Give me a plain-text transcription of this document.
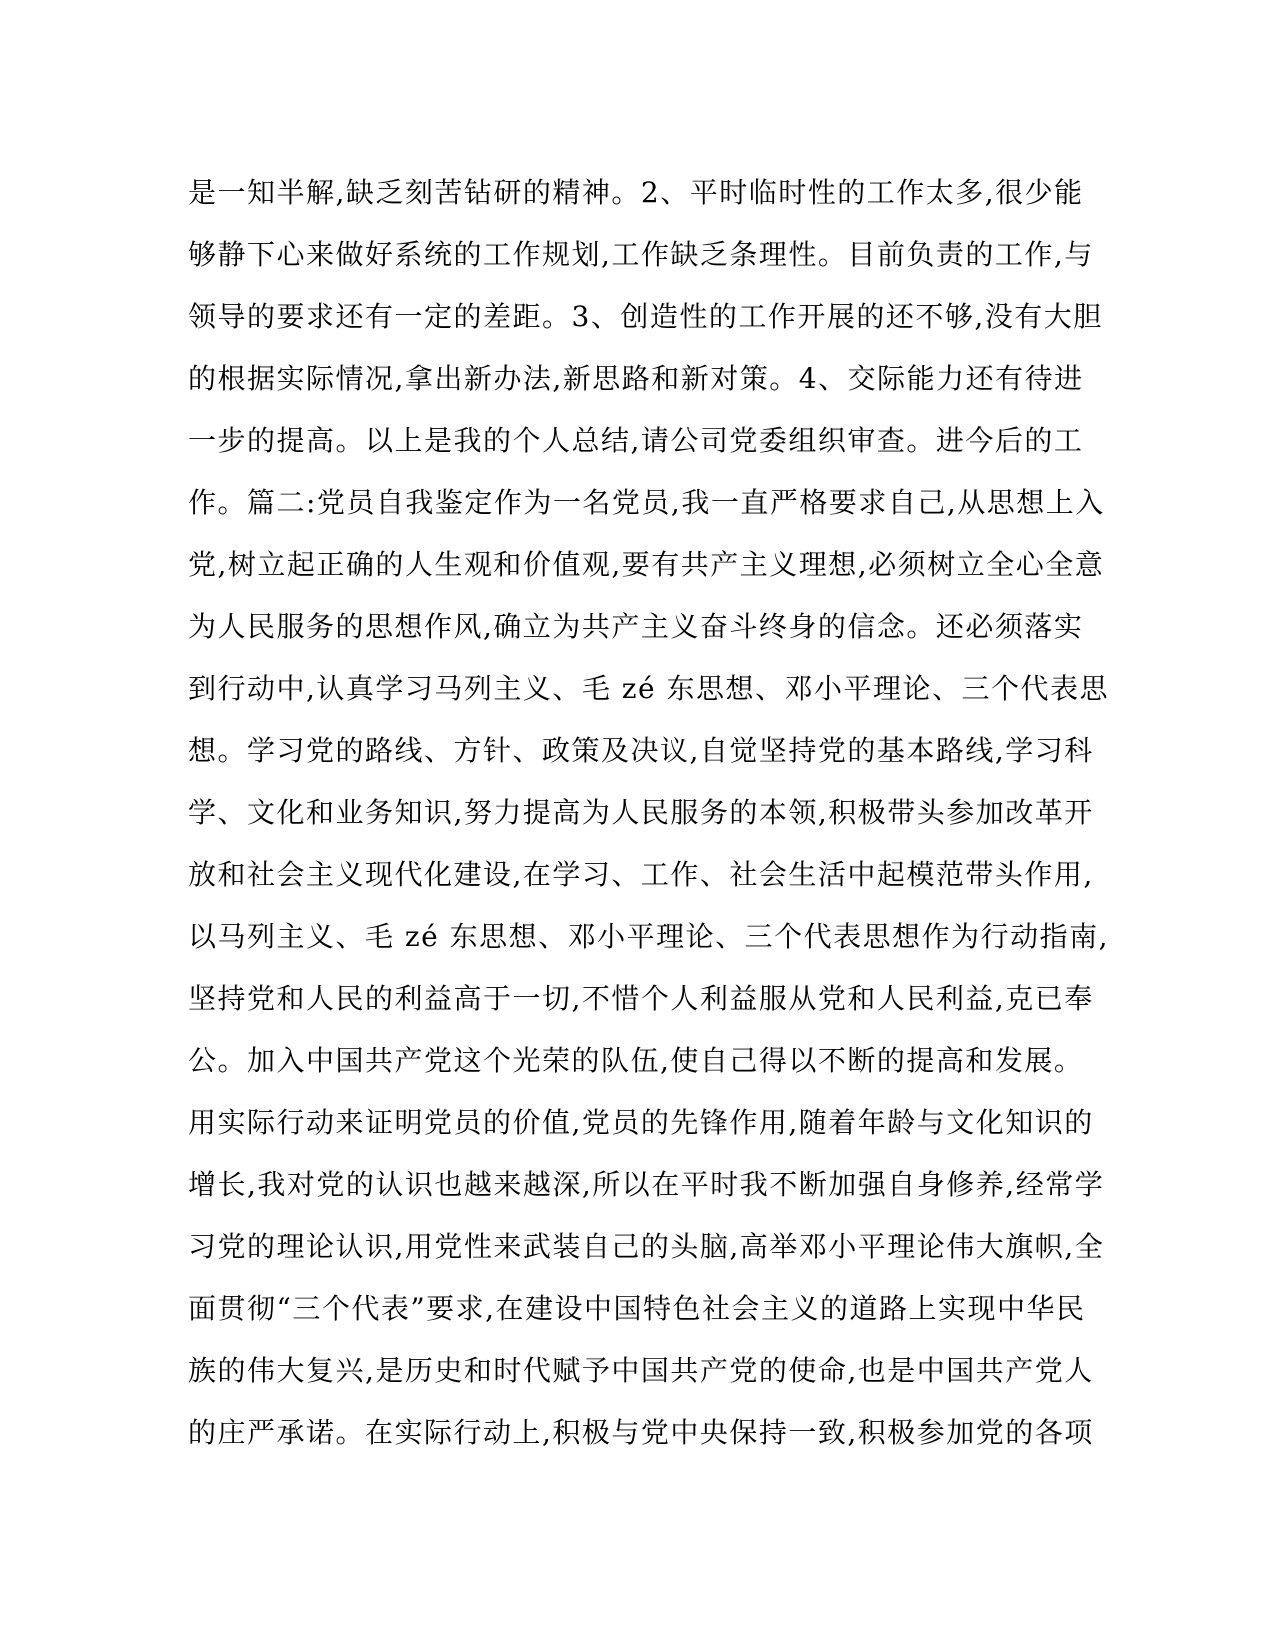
是一知半解,缺乏刻苦钻研的精神。2、平时临时性的工作太多,很少能
够静下心来做好系统的工作规划,工作缺乏条理性。目前负责的工作,与
领导的要求还有一定的差距。3、创造性的工作开展的还不够,没有大胆
的根据实际情况,拿出新办法,新思路和新对策。4、交际能力还有待进
一步的提高。以上是我的个人总结,请公司党委组织审查。进今后的工
作。篇二:党员自我鉴定作为一名党员,我一直严格要求自己,从思想上入
党,树立起正确的人生观和价值观,要有共产主义理想,必须树立全心全意
为人民服务的思想作风,确立为共产主义奋斗终身的信念。还必须落实
到行动中,认真学习马列主义、毛 zé 东思想、邓小平理论、三个代表思
想。学习党的路线、方针、政策及决议,自觉坚持党的基本路线,学习科
学、文化和业务知识,努力提高为人民服务的本领,积极带头参加改革开
放和社会主义现代化建设,在学习、工作、社会生活中起模范带头作用,
以马列主义、毛 zé 东思想、邓小平理论、三个代表思想作为行动指南,
坚持党和人民的利益高于一切,不惜个人利益服从党和人民利益,克已奉
公。加入中国共产党这个光荣的队伍,使自己得以不断的提高和发展。
用实际行动来证明党员的价值,党员的先锋作用,随着年龄与文化知识的
增长,我对党的认识也越来越深,所以在平时我不断加强自身修养,经常学
习党的理论认识,用党性来武装自己的头脑,高举邓小平理论伟大旗帜,全
面贯彻“三个代表”要求,在建设中国特色社会主义的道路上实现中华民
族的伟大复兴,是历史和时代赋予中国共产党的使命,也是中国共产党人
的庄严承诺。在实际行动上,积极与党中央保持一致,积极参加党的各项
